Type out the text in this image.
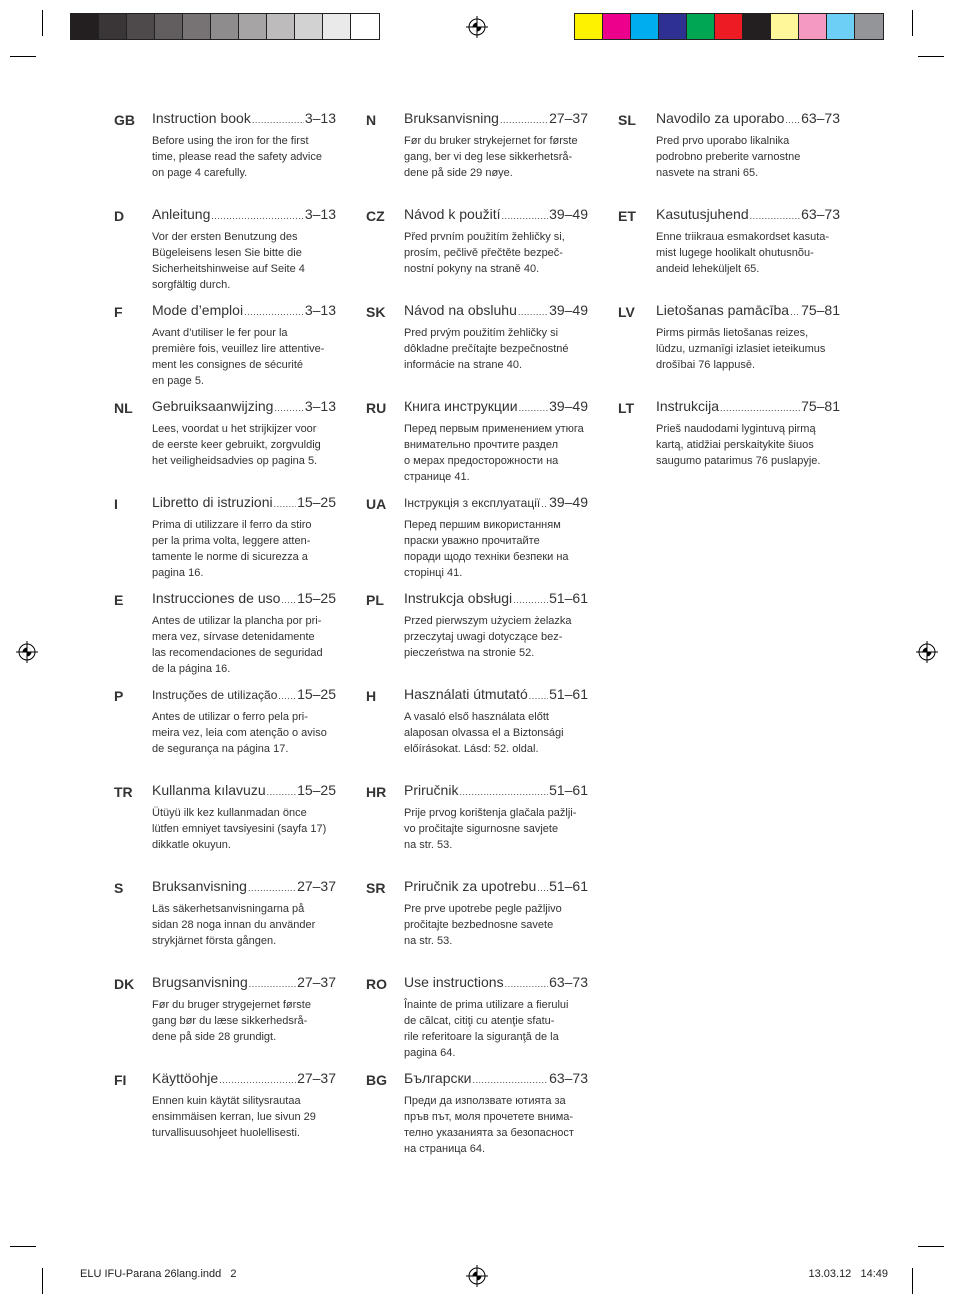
GB	Instruction book .....	3–13
Before using the iron for the first
time, please read the safety advice
on page 4 carefully.
D	Anleitung .....	3–13
Vor der ersten Benutzung des
Bügeleisens lesen Sie bitte die
Sicherheitshinweise auf Seite 4
sorgfältig durch.
F	Mode d’emploi .....	3–13
Avant d’utiliser le fer pour la
première fois, veuillez lire attentive-
ment les consignes de sécurité
en page 5.
NL	Gebruiksaanwijzing ..... 3–13
Lees, voordat u het strijkijzer voor
de eerste keer gebruikt, zorgvuldig
het veiligheidsadvies op pagina 5.
I	Libretto di istruzioni ..... 15–25
Prima di utilizzare il ferro da stiro
per la prima volta, leggere atten-
tamente le norme di sicurezza a
pagina 16.
E	Instrucciones de uso ..... 15–25
Antes de utilizar la plancha por pri-
mera vez, sírvase detenidamente
las recomendaciones de seguridad
de la página 16.
P	Instruções de utilização ..... 15–25
Antes de utilizar o ferro pela pri-
meira vez, leia com atenção o aviso
de segurança na página 17.
TR	Kullanma kılavuzu ..... 15–25
Ütüyü ilk kez kullanmadan önce
lütfen emniyet tavsiyesini (sayfa 17)
dikkatle okuyun.
S	Bruksanvisning .....	27–37
Läs säkerhetsanvisningarna på
sidan 28 noga innan du använder
strykjärnet första gången.
DK	Brugsanvisning .....	27–37
Før du bruger strygejernet første
gang bør du læse sikkerhedsrå-
dene på side 28 grundigt.
FI	Käyttöohje .....	27–37
Ennen kuin käytät silitysrautaa
ensimmäisen kerran, lue sivun 29
turvallisuusohjeet huolellisesti.
N	Bruksanvisning .....	27–37
Før du bruker strykejernet for første
gang, ber vi deg lese sikkerhetsrå-
dene på side 29 nøye.
CZ	Návod k použití .....	39–49
Před prvním použitím žehličky si,
prosím, pečlivě přečtěte bezpeč-
nostní pokyny na straně 40.
SK	Návod na obsluhu ..... 39–49
Pred prvým použitím žehličky si
dôkladne prečítajte bezpečnostné
informácie na strane 40.
RU	Книга инструкции ..... 39–49
Перед первым применением утюга
внимательно прочтите раздел
о мерах предосторожности на
странице 41.
UA	Інструкція з експлуатації ..... 39–49
Перед першим використанням
праски уважно прочитайте
поради щодо техніки безпеки на
сторінці 41.
PL	Instrukcja obsługi .....	51–61
Przed pierwszym użyciem żelazka
przeczytaj uwagi dotyczące bez-
pieczeństwa na stronie 52.
H	Használati útmutató ..... 51–61
A vasaló első használata előtt
alaposan olvassa el a Biztonsági
előírásokat. Lásd: 52. oldal.
HR	Priručnik .....	51–61
Prije prvog korištenja glačala pažlji-
vo pročitajte sigurnosne savjete
na str. 53.
SR	Priručnik za upotrebu ..... 51–61
Pre prve upotrebe pegle pažljivo
pročitajte bezbednosne savete
na str. 53.
RO	Use instructions .....	63–73
Înainte de prima utilizare a fierului
de călcat, citiţi cu atenţie sfatu-
rile referitoare la siguranţă de la
pagina 64.
BG	Български .....	63–73
Преди да използвате ютията за
пръв път, моля прочетете внима-
телно указанията за безопасност
на страница 64.
SL	Navodilo za uporabo ..... 63–73
Pred prvo uporabo likalnika
podrobno preberite varnostne
nasvete na strani 65.
ET	Kasutusjuhend .....	63–73
Enne triikraua esmakordset kasuta-
mist lugege hoolikalt ohutusnõu-
andeid leheküljelt 65.
LV	Lietošanas pamācība ..... 75–81
Pirms pirmās lietošanas reizes,
lūdzu, uzmanīgi izlasiet ieteikumus
drošībai 76 lappusē.
LT	Instrukcija .....	75–81
Prieš naudodami lygintuvą pirmą
kartą, atidžiai perskaitykite šiuos
saugumo patarimus 76 puslapyje.
ELU IFU-Parana 26lang.indd   2	13.03.12   14:49
